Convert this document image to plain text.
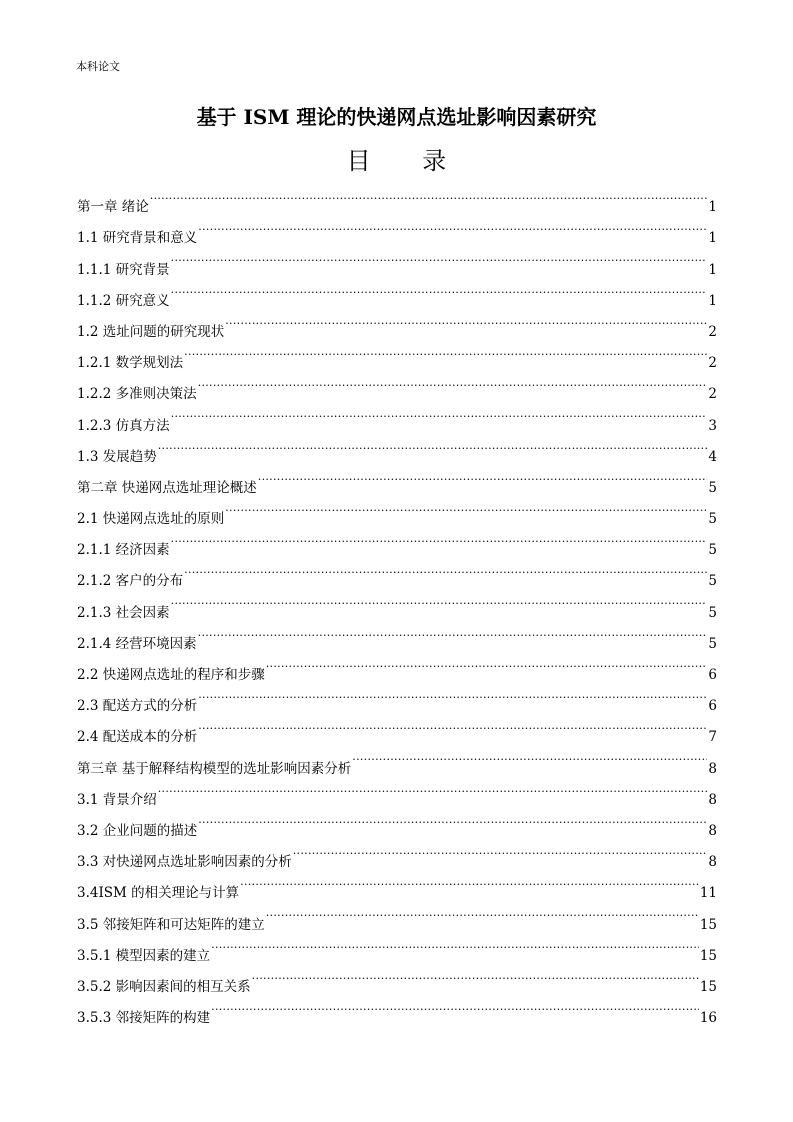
本科论文
基于 ISM 理论的快递网点选址影响因素研究
目 录
第一章 绪论 .....	1
1.1 研究背景和意义 .....	1
1.1.1 研究背景 .....	1
1.1.2 研究意义 .....	1
1.2 选址问题的研究现状 .....	2
1.2.1 数学规划法 .....	2
1.2.2 多准则决策法 .....	2
1.2.3 仿真方法 .....	3
1.3 发展趋势 .....	4
第二章 快递网点选址理论概述 .....	5
2.1 快递网点选址的原则 .....	5
2.1.1 经济因素 .....	5
2.1.2 客户的分布 .....	5
2.1.3 社会因素 .....	5
2.1.4 经营环境因素 .....	5
2.2 快递网点选址的程序和步骤 .....	6
2.3 配送方式的分析 .....	6
2.4 配送成本的分析 .....	7
第三章 基于解释结构模型的选址影响因素分析 .....	8
3.1 背景介绍 .....	8
3.2 企业问题的描述 .....	8
3.3 对快递网点选址影响因素的分析 .....	8
3.4ISM 的相关理论与计算 .....	11
3.5 邻接矩阵和可达矩阵的建立 .....	15
3.5.1 模型因素的建立 .....	15
3.5.2 影响因素间的相互关系 .....	15
3.5.3 邻接矩阵的构建 .....	16
